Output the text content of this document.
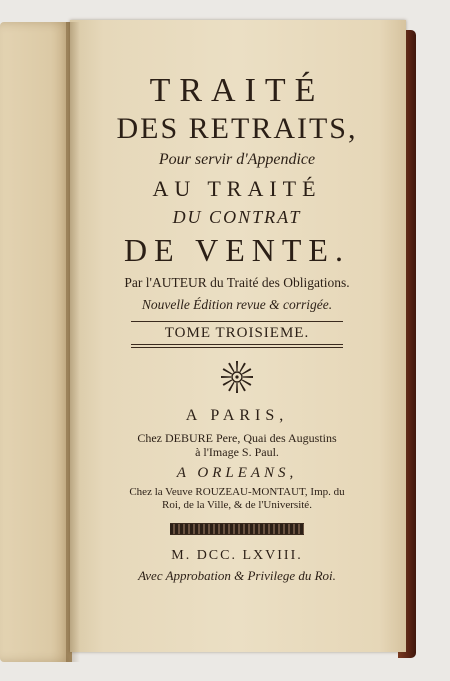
TRAITÉ
DES RETRAITS,
Pour servir d'Appendice
AU TRAITÉ
DU CONTRAT
DE VENTE.
Par l'AUTEUR du Traité des Obligations.
Nouvelle Édition revue & corrigée.
TOME TROISIEME.
A PARIS,
Chez DEBURE Pere, Quai des Augustins
à l'Image S. Paul.
A ORLEANS,
Chez la Veuve ROUZEAU-MONTAUT, Imp. du
Roi, de la Ville, & de l'Université.
M. DCC. LXVIII.
Avec Approbation & Privilege du Roi.
